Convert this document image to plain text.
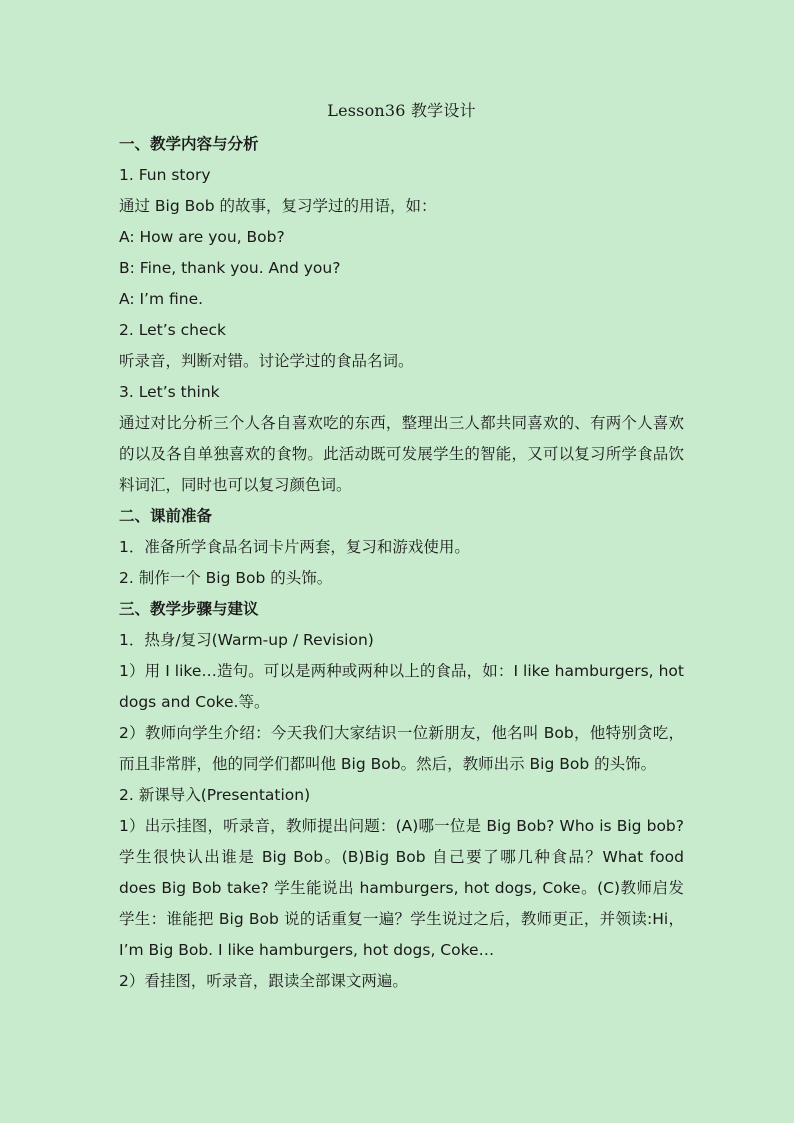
Lesson36 教学设计
一、教学内容与分析
1. Fun story
通过 Big Bob 的故事，复习学过的用语，如：
A: How are you, Bob?
B: Fine, thank you. And you?
A: I’m fine.
2. Let’s check
听录音，判断对错。讨论学过的食品名词。
3. Let’s think
通过对比分析三个人各自喜欢吃的东西，整理出三人都共同喜欢的、有两个人喜欢的以及各自单独喜欢的食物。此活动既可发展学生的智能，又可以复习所学食品饮料词汇，同时也可以复习颜色词。
二、课前准备
1．准备所学食品名词卡片两套，复习和游戏使用。
2. 制作一个 Big Bob 的头饰。
三、教学步骤与建议
1．热身/复习(Warm-up / Revision)
1）用 I like…造句。可以是两种或两种以上的食品，如：I like hamburgers, hot dogs and Coke.等。
2）教师向学生介绍：今天我们大家结识一位新朋友，他名叫 Bob，他特别贪吃，而且非常胖，他的同学们都叫他 Big Bob。然后，教师出示 Big Bob 的头饰。
2. 新课导入(Presentation)
1）出示挂图，听录音，教师提出问题：(A)哪一位是 Big Bob? Who is Big bob?学生很快认出谁是 Big Bob。(B)Big Bob 自己要了哪几种食品？What food does Big Bob take? 学生能说出 hamburgers, hot dogs, Coke。(C)教师启发学生：谁能把 Big Bob 说的话重复一遍？学生说过之后，教师更正，并领读:Hi，I’m Big Bob. I like hamburgers, hot dogs, Coke…
2）看挂图，听录音，跟读全部课文两遍。
